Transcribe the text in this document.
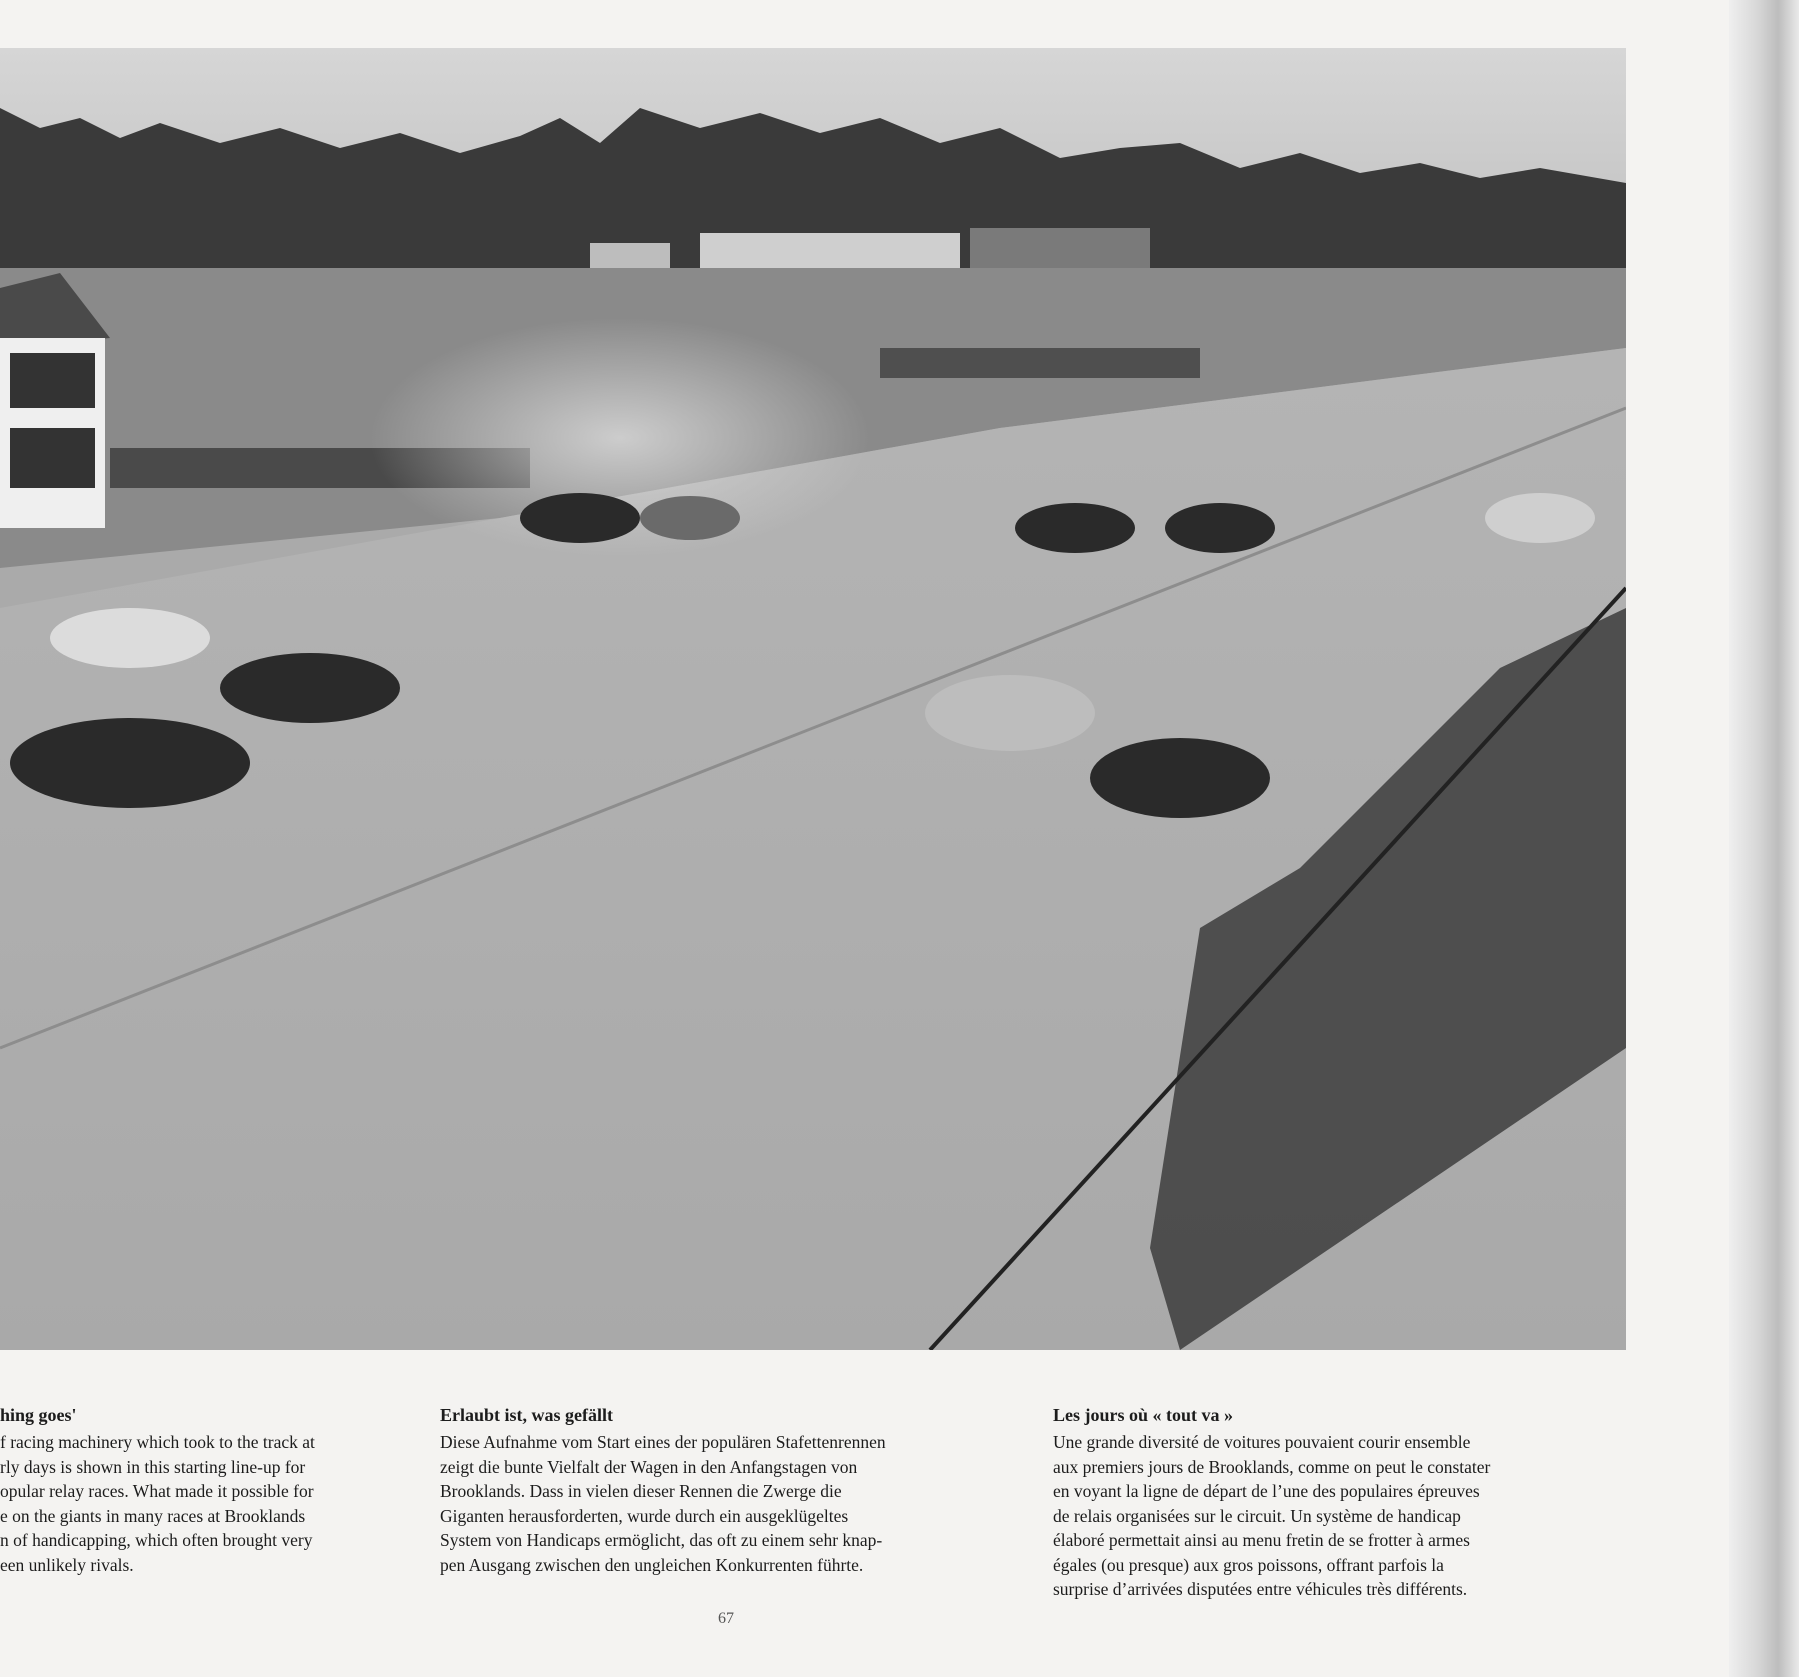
hing goes'

f racing machinery which took to the track at

rly days is shown in this starting line-up for

opular relay races. What made it possible for

e on the giants in many races at Brooklands

n of handicapping, which often brought very

een unlikely rivals.

Erlaubt ist, was gefällt

Diese Aufnahme vom Start eines der populären Stafettenrennen

zeigt die bunte Vielfalt der Wagen in den Anfangstagen von

Brooklands. Dass in vielen dieser Rennen die Zwerge die

Giganten herausforderten, wurde durch ein ausgeklügeltes

System von Handicaps ermöglicht, das oft zu einem sehr knap-

pen Ausgang zwischen den ungleichen Konkurrenten führte.

Les jours où « tout va »

Une grande diversité de voitures pouvaient courir ensemble

aux premiers jours de Brooklands, comme on peut le constater

en voyant la ligne de départ de l’une des populaires épreuves

de relais organisées sur le circuit. Un système de handicap

élaboré permettait ainsi au menu fretin de se frotter à armes

égales (ou presque) aux gros poissons, offrant parfois la

surprise d’arrivées disputées entre véhicules très différents.

67
